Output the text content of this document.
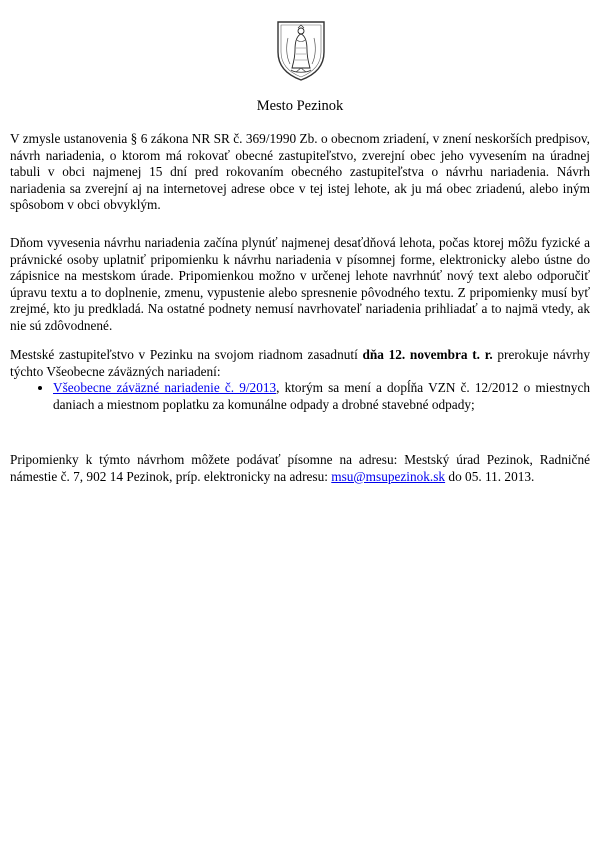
Mesto Pezinok

V zmysle ustanovenia § 6 zákona NR SR č. 369/1990 Zb. o obecnom zriadení, v znení neskorších predpisov, návrh nariadenia, o ktorom má rokovať obecné zastupiteľstvo, zverejní obec jeho vyvesením na úradnej tabuli v obci najmenej 15 dní pred rokovaním obecného zastupiteľstva o návrhu nariadenia. Návrh nariadenia sa zverejní aj na internetovej adrese obce v tej istej lehote, ak ju má obec zriadenú, alebo iným spôsobom v obci obvyklým.

Dňom vyvesenia návrhu nariadenia začína plynúť najmenej desaťdňová lehota, počas ktorej môžu fyzické a právnické osoby uplatniť pripomienku k návrhu nariadenia v písomnej forme, elektronicky alebo ústne do zápisnice na mestskom úrade. Pripomienkou možno v určenej lehote navrhnúť nový text alebo odporučiť úpravu textu a to doplnenie, zmenu, vypustenie alebo spresnenie pôvodného textu. Z pripomienky musí byť zrejmé, kto ju predkladá. Na ostatné podnety nemusí navrhovateľ nariadenia prihliadať a to najmä vtedy, ak nie sú zdôvodnené.

Mestské zastupiteľstvo v Pezinku na svojom riadnom zasadnutí dňa 12. novembra t. r. prerokuje návrhy týchto Všeobecne záväzných nariadení:
• Všeobecne záväzné nariadenie č. 9/2013, ktorým sa mení a dopĺňa VZN č. 12/2012 o miestnych daniach a miestnom poplatku za komunálne odpady a drobné stavebné odpady;

Pripomienky k týmto návrhom môžete podávať písomne na adresu: Mestský úrad Pezinok, Radničné námestie č. 7, 902 14 Pezinok, príp. elektronicky na adresu: msu@msupezinok.sk do 05. 11. 2013.
